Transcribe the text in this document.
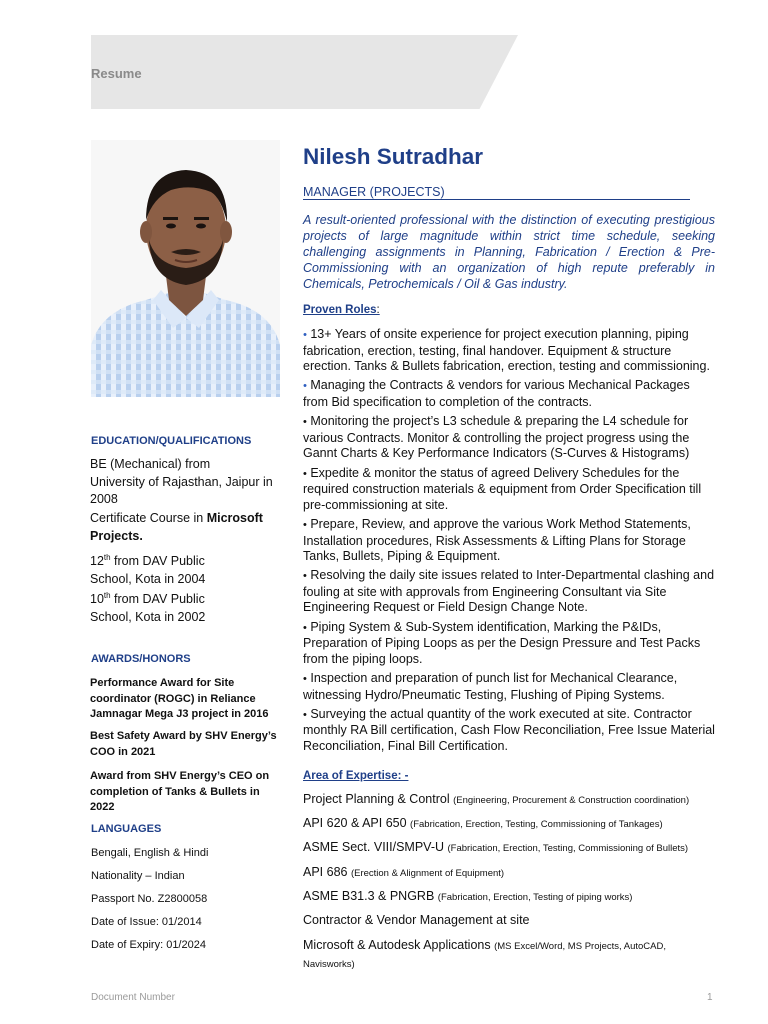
Resume
EDUCATION/QUALIFICATIONS
BE (Mechanical) from
University of Rajasthan, Jaipur in 2008
Certificate Course in Microsoft Projects.
12th from DAV Public
School, Kota in 2004
10th from DAV Public
School, Kota in 2002
AWARDS/HONORS
Performance Award for Site coordinator (ROGC) in Reliance Jamnagar Mega J3 project in 2016
Best Safety Award by SHV Energy’s COO in 2021
Award from SHV Energy’s CEO on completion of Tanks & Bullets in 2022
LANGUAGES
Bengali, English & Hindi
Nationality – Indian
Passport No. Z2800058
Date of Issue: 01/2014
Date of Expiry: 01/2024
Nilesh Sutradhar
MANAGER (PROJECTS)
A result-oriented professional with the distinction of executing prestigious projects of large magnitude within strict time schedule, seeking challenging assignments in Planning, Fabrication / Erection & Pre-Commissioning with an organization of high repute preferably in Chemicals, Petrochemicals / Oil & Gas industry.
Proven Roles:
• 13+ Years of onsite experience for project execution planning, piping fabrication, erection, testing, final handover. Equipment & structure erection. Tanks & Bullets fabrication, erection, testing and commissioning.
• Managing the Contracts & vendors for various Mechanical Packages from Bid specification to completion of the contracts.
• Monitoring the project’s L3 schedule & preparing the L4 schedule for various Contracts. Monitor & controlling the project progress using the Gannt Charts & Key Performance Indicators (S-Curves & Histograms)
• Expedite & monitor the status of agreed Delivery Schedules for the required construction materials & equipment from Order Specification till pre-commissioning at site.
• Prepare, Review, and approve the various Work Method Statements, Installation procedures, Risk Assessments & Lifting Plans for Storage Tanks, Bullets, Piping & Equipment.
• Resolving the daily site issues related to Inter-Departmental clashing and fouling at site with approvals from Engineering Consultant via Site Engineering Request or Field Design Change Note.
• Piping System & Sub-System identification, Marking the P&IDs, Preparation of Piping Loops as per the Design Pressure and Test Packs from the piping loops.
• Inspection and preparation of punch list for Mechanical Clearance, witnessing Hydro/Pneumatic Testing, Flushing of Piping Systems.
• Surveying the actual quantity of the work executed at site. Contractor monthly RA Bill certification, Cash Flow Reconciliation, Free Issue Material Reconciliation, Final Bill Certification.
Area of Expertise: -
Project Planning & Control (Engineering, Procurement & Construction coordination)
API 620 & API 650 (Fabrication, Erection, Testing, Commissioning of Tankages)
ASME Sect. VIII/SMPV-U (Fabrication, Erection, Testing, Commissioning of Bullets)
API 686 (Erection & Alignment of Equipment)
ASME B31.3 & PNGRB (Fabrication, Erection, Testing of piping works)
Contractor & Vendor Management at site
Microsoft & Autodesk Applications (MS Excel/Word, MS Projects, AutoCAD, Navisworks)
Document Number	1
